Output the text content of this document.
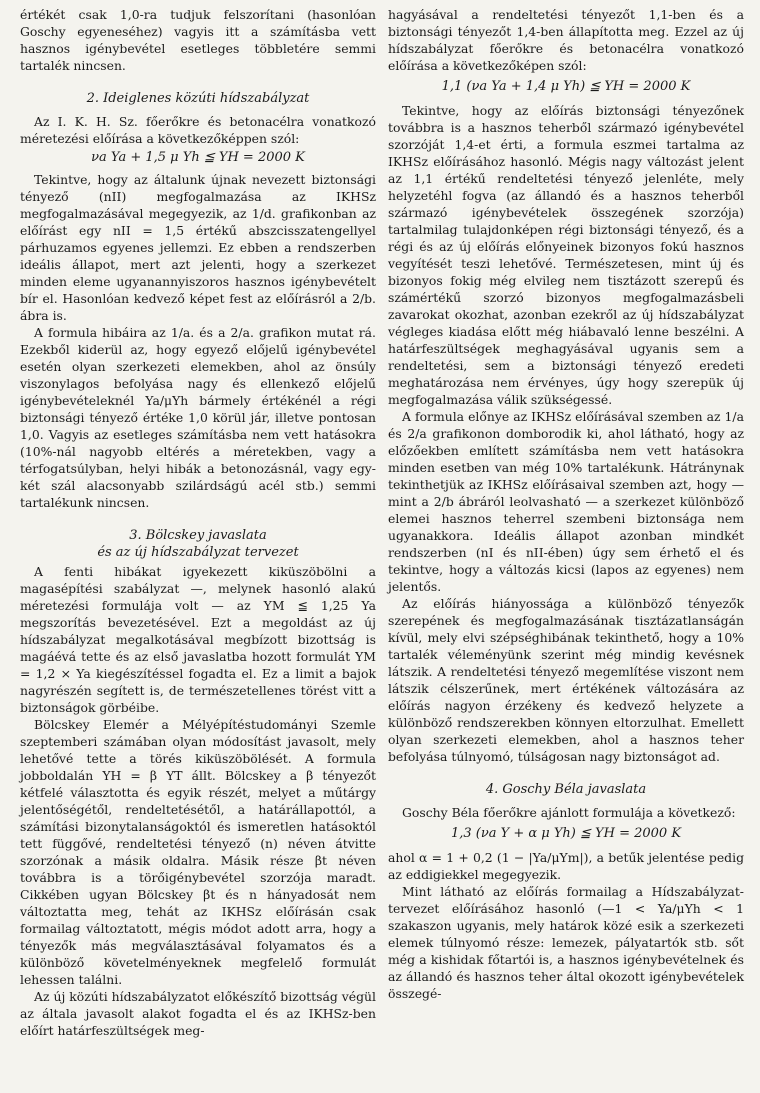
értékét csak 1,0-ra tudjuk felszorítani (hasonlóan Goschy egyeneséhez) vagyis itt a számításba vett hasznos igénybevétel esetleges többletére semmi tartalék nincsen.

2. Ideiglenes közúti hídszabályzat

Az I. K. H. Sz. főerőkre és betonacélra vonatkozó méretezési előírása a következőképpen szól:

νa Ya + 1,5 μ Yh ≦ YH = 2000 K

Tekintve, hogy az általunk újnak nevezett biztonsági tényező (nII) megfogalmazása az IKHSz megfogalmazásával megegyezik, az 1/d. grafikonban az előírást egy nII = 1,5 értékű abszcisszatengellyel párhuzamos egyenes jellemzi. Ez ebben a rendszerben ideális állapot, mert azt jelenti, hogy a szerkezet minden eleme ugyanannyiszoros hasznos igénybevételt bír el. Hasonlóan kedvező képet fest az előírásról a 2/b. ábra is.

A formula hibáira az 1/a. és a 2/a. grafikon mutat rá. Ezekből kiderül az, hogy egyező előjelű igénybevétel esetén olyan szerkezeti elemekben, ahol az önsúly viszonylagos befolyása nagy és ellenkező előjelű igénybevételeknél Ya/μYh bármely értékénél a régi biztonsági tényező értéke 1,0 körül jár, illetve pontosan 1,0. Vagyis az esetleges számításba nem vett hatásokra (10%-nál nagyobb eltérés a méretekben, vagy a térfogatsúlyban, helyi hibák a betonozásnál, vagy egy-két szál alacsonyabb szilárdságú acél stb.) semmi tartalékunk nincsen.

3. Bölcskey javaslata
és az új hídszabályzat tervezet

A fenti hibákat igyekezett kiküszöbölni a magasépítési szabályzat —, melynek hasonló alakú méretezési formulája volt — az YM ≦ 1,25 Ya megszorítás bevezetésével. Ezt a megoldást az új hídszabályzat megalkotásával megbízott bizottság is magáévá tette és az első javaslatba hozott formulát YM = 1,2 × Ya kiegészítéssel fogadta el. Ez a limit a bajok nagyrészén segített is, de természetellenes törést vitt a biztonságok görbéibe.

Bölcskey Elemér a Mélyépítéstudományi Szemle szeptemberi számában olyan módosítást javasolt, mely lehetővé tette a törés kiküszöbölését. A formula jobboldalán YH = β YT állt. Bölcskey a β tényezőt kétfelé választotta és egyik részét, melyet a műtárgy jelentőségétől, rendeltetésétől, a határállapottól, a számítási bizonytalanságoktól és ismeretlen hatásoktól tett függővé, rendeltetési tényező (n) néven átvitte szorzónak a másik oldalra. Másik része βt néven továbbra is a törőigénybevétel szorzója maradt. Cikkében ugyan Bölcskey βt és n hányadosát nem változtatta meg, tehát az IKHSz előírásán csak formailag változtatott, mégis módot adott arra, hogy a tényezők más megválasztásával folyamatos és a különböző követelményeknek megfelelő formulát lehessen találni.

Az új közúti hídszabályzatot előkészítő bizottság végül az általa javasolt alakot fogadta el és az IKHSz-ben előírt határfeszültségek meg-

hagyásával a rendeltetési tényezőt 1,1-ben és a biztonsági tényezőt 1,4-ben állapította meg. Ezzel az új hídszabályzat főerőkre és betonacélra vonatkozó előírása a következőképen szól:

1,1 (νa Ya + 1,4 μ Yh) ≦ YH = 2000 K

Tekintve, hogy az előírás biztonsági tényezőnek továbbra is a hasznos teherből származó igénybevétel szorzóját 1,4-et érti, a formula eszmei tartalma az IKHSz előírásához hasonló. Mégis nagy változást jelent az 1,1 értékű rendeltetési tényező jelenléte, mely helyzetéhl fogva (az állandó és a hasznos teherből származó igénybevételek összegének szorzója) tartalmilag tulajdonképen régi biztonsági tényező, és a régi és az új előírás előnyeinek bizonyos fokú hasznos vegyítését teszi lehetővé. Természetesen, mint új és bizonyos fokig még elvileg nem tisztázott szerepű és számértékű szorzó bizonyos megfogalmazásbeli zavarokat okozhat, azonban ezekről az új hídszabályzat végleges kiadása előtt még hiábavaló lenne beszélni. A határfeszültségek meghagyásával ugyanis sem a rendeltetési, sem a biztonsági tényező eredeti meghatározása nem érvényes, úgy hogy szerepük új megfogalmazása válik szükségessé.

A formula előnye az IKHSz előírásával szemben az 1/a és 2/a grafikonon domborodik ki, ahol látható, hogy az előzőekben említett számításba nem vett hatásokra minden esetben van még 10% tartalékunk. Hátránynak tekinthetjük az IKHSz előírásaival szemben azt, hogy — mint a 2/b ábráról leolvasható — a szerkezet különböző elemei hasznos teherrel szembeni biztonsága nem ugyanakkora. Ideális állapot azonban mindkét rendszerben (nI és nII-ében) úgy sem érhető el és tekintve, hogy a változás kicsi (lapos az egyenes) nem jelentős.

Az előírás hiányossága a különböző tényezők szerepének és megfogalmazásának tisztázatlanságán kívül, mely elvi szépséghibának tekinthető, hogy a 10% tartalék véleményünk szerint még mindig kevésnek látszik. A rendeltetési tényező megemlítése viszont nem látszik célszerűnek, mert értékének változására az előírás nagyon érzékeny és kedvező helyzete a különböző rendszerekben könnyen eltorzulhat. Emellett olyan szerkezeti elemekben, ahol a hasznos teher befolyása túlnyomó, túlságosan nagy biztonságot ad.

4. Goschy Béla javaslata

Goschy Béla főerőkre ajánlott formulája a következő:

1,3 (νa Y + α μ Yh) ≦ YH = 2000 K

ahol α = 1 + 0,2 (1 − |Ya/μYm|), a betűk jelentése pedig az eddigiekkel megegyezik.

Mint látható az előírás formailag a Hídszabályzat-tervezet előírásához hasonló (—1 < Ya/μYh < 1 szakaszon ugyanis, mely határok közé esik a szerkezeti elemek túlnyomó része: lemezek, pályatartók stb. sőt még a kishidak főtartói is, a hasznos igénybevételnek és az állandó és hasznos teher által okozott igénybevételek összegé-
